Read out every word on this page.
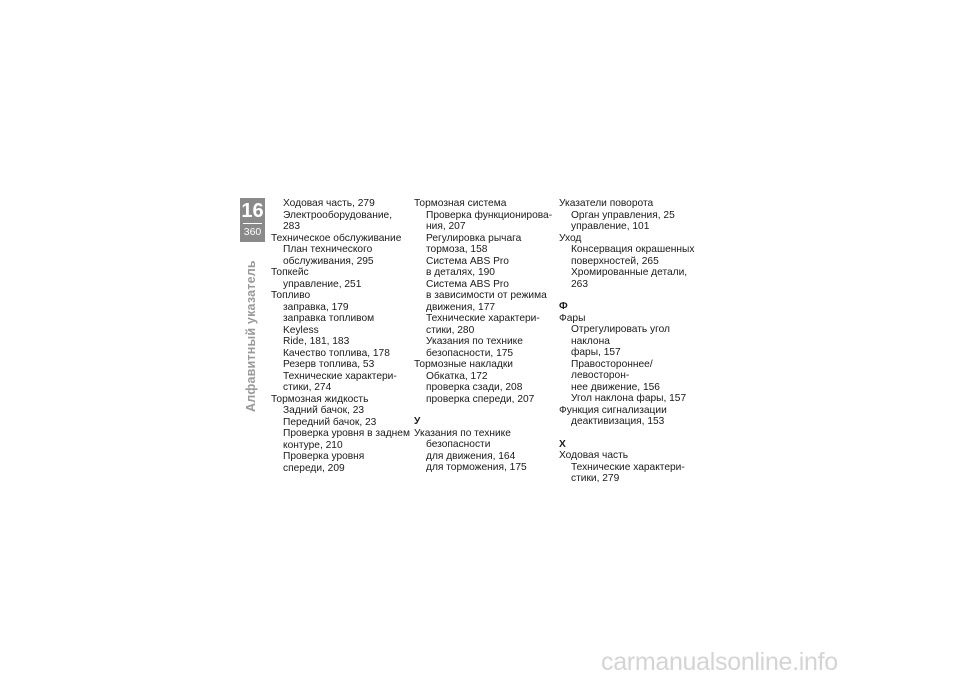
16
360
Алфавитный указатель
Ходовая часть, 279
Электрооборудование, 283
Техническое обслуживание
План технического
обслуживания, 295
Топкейс
управление, 251
Топливо
заправка, 179
заправка топливом Keyless
Ride, 181, 183
Качество топлива, 178
Резерв топлива, 53
Технические характери-
стики, 274
Тормозная жидкость
Задний бачок, 23
Передний бачок, 23
Проверка уровня в заднем
контуре, 210
Проверка уровня
спереди, 209
Тормозная система
Проверка функционирова-
ния, 207
Регулировка рычага
тормоза, 158
Система ABS Pro
в деталях, 190
Система ABS Pro
в зависимости от режима
движения, 177
Технические характери-
стики, 280
Указания по технике
безопасности, 175
Тормозные накладки
Обкатка, 172
проверка сзади, 208
проверка спереди, 207
У
Указания по технике
безопасности
для движения, 164
для торможения, 175
Указатели поворота
Орган управления, 25
управление, 101
Уход
Консервация окрашенных
поверхностей, 265
Хромированные детали, 263
Ф
Фары
Отрегулировать угол наклона
фары, 157
Правостороннее/левосторон-
нее движение, 156
Угол наклона фары, 157
Функция сигнализации
деактивизация, 153
Х
Ходовая часть
Технические характери-
стики, 279
carmanualsonline.info
